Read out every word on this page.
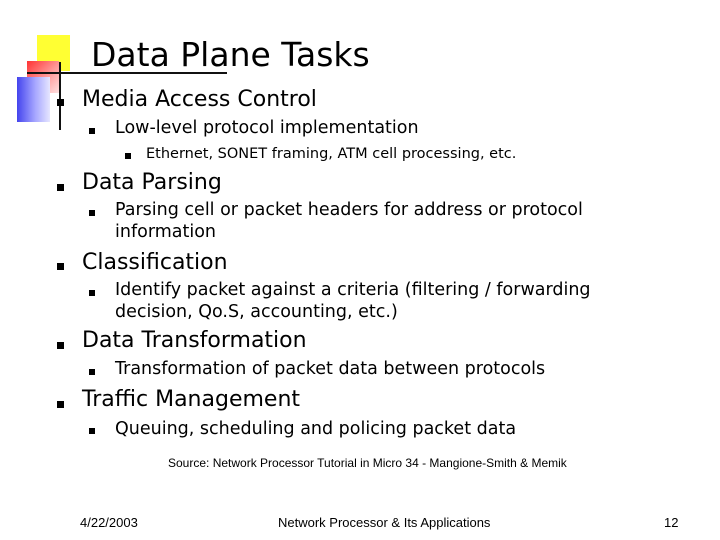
Data Plane Tasks
Media Access Control
Low-level protocol implementation
Ethernet, SONET framing, ATM cell processing, etc.
Data Parsing
Parsing cell or packet headers for address or protocol
information
Classification
Identify packet against a criteria (filtering / forwarding
decision, Qo.S, accounting, etc.)
Data Transformation
Transformation of packet data between protocols
Traffic Management
Queuing, scheduling and policing packet data
Source: Network Processor Tutorial in Micro 34 - Mangione-Smith & Memik
4/22/2003	Network Processor & Its Applications	12
